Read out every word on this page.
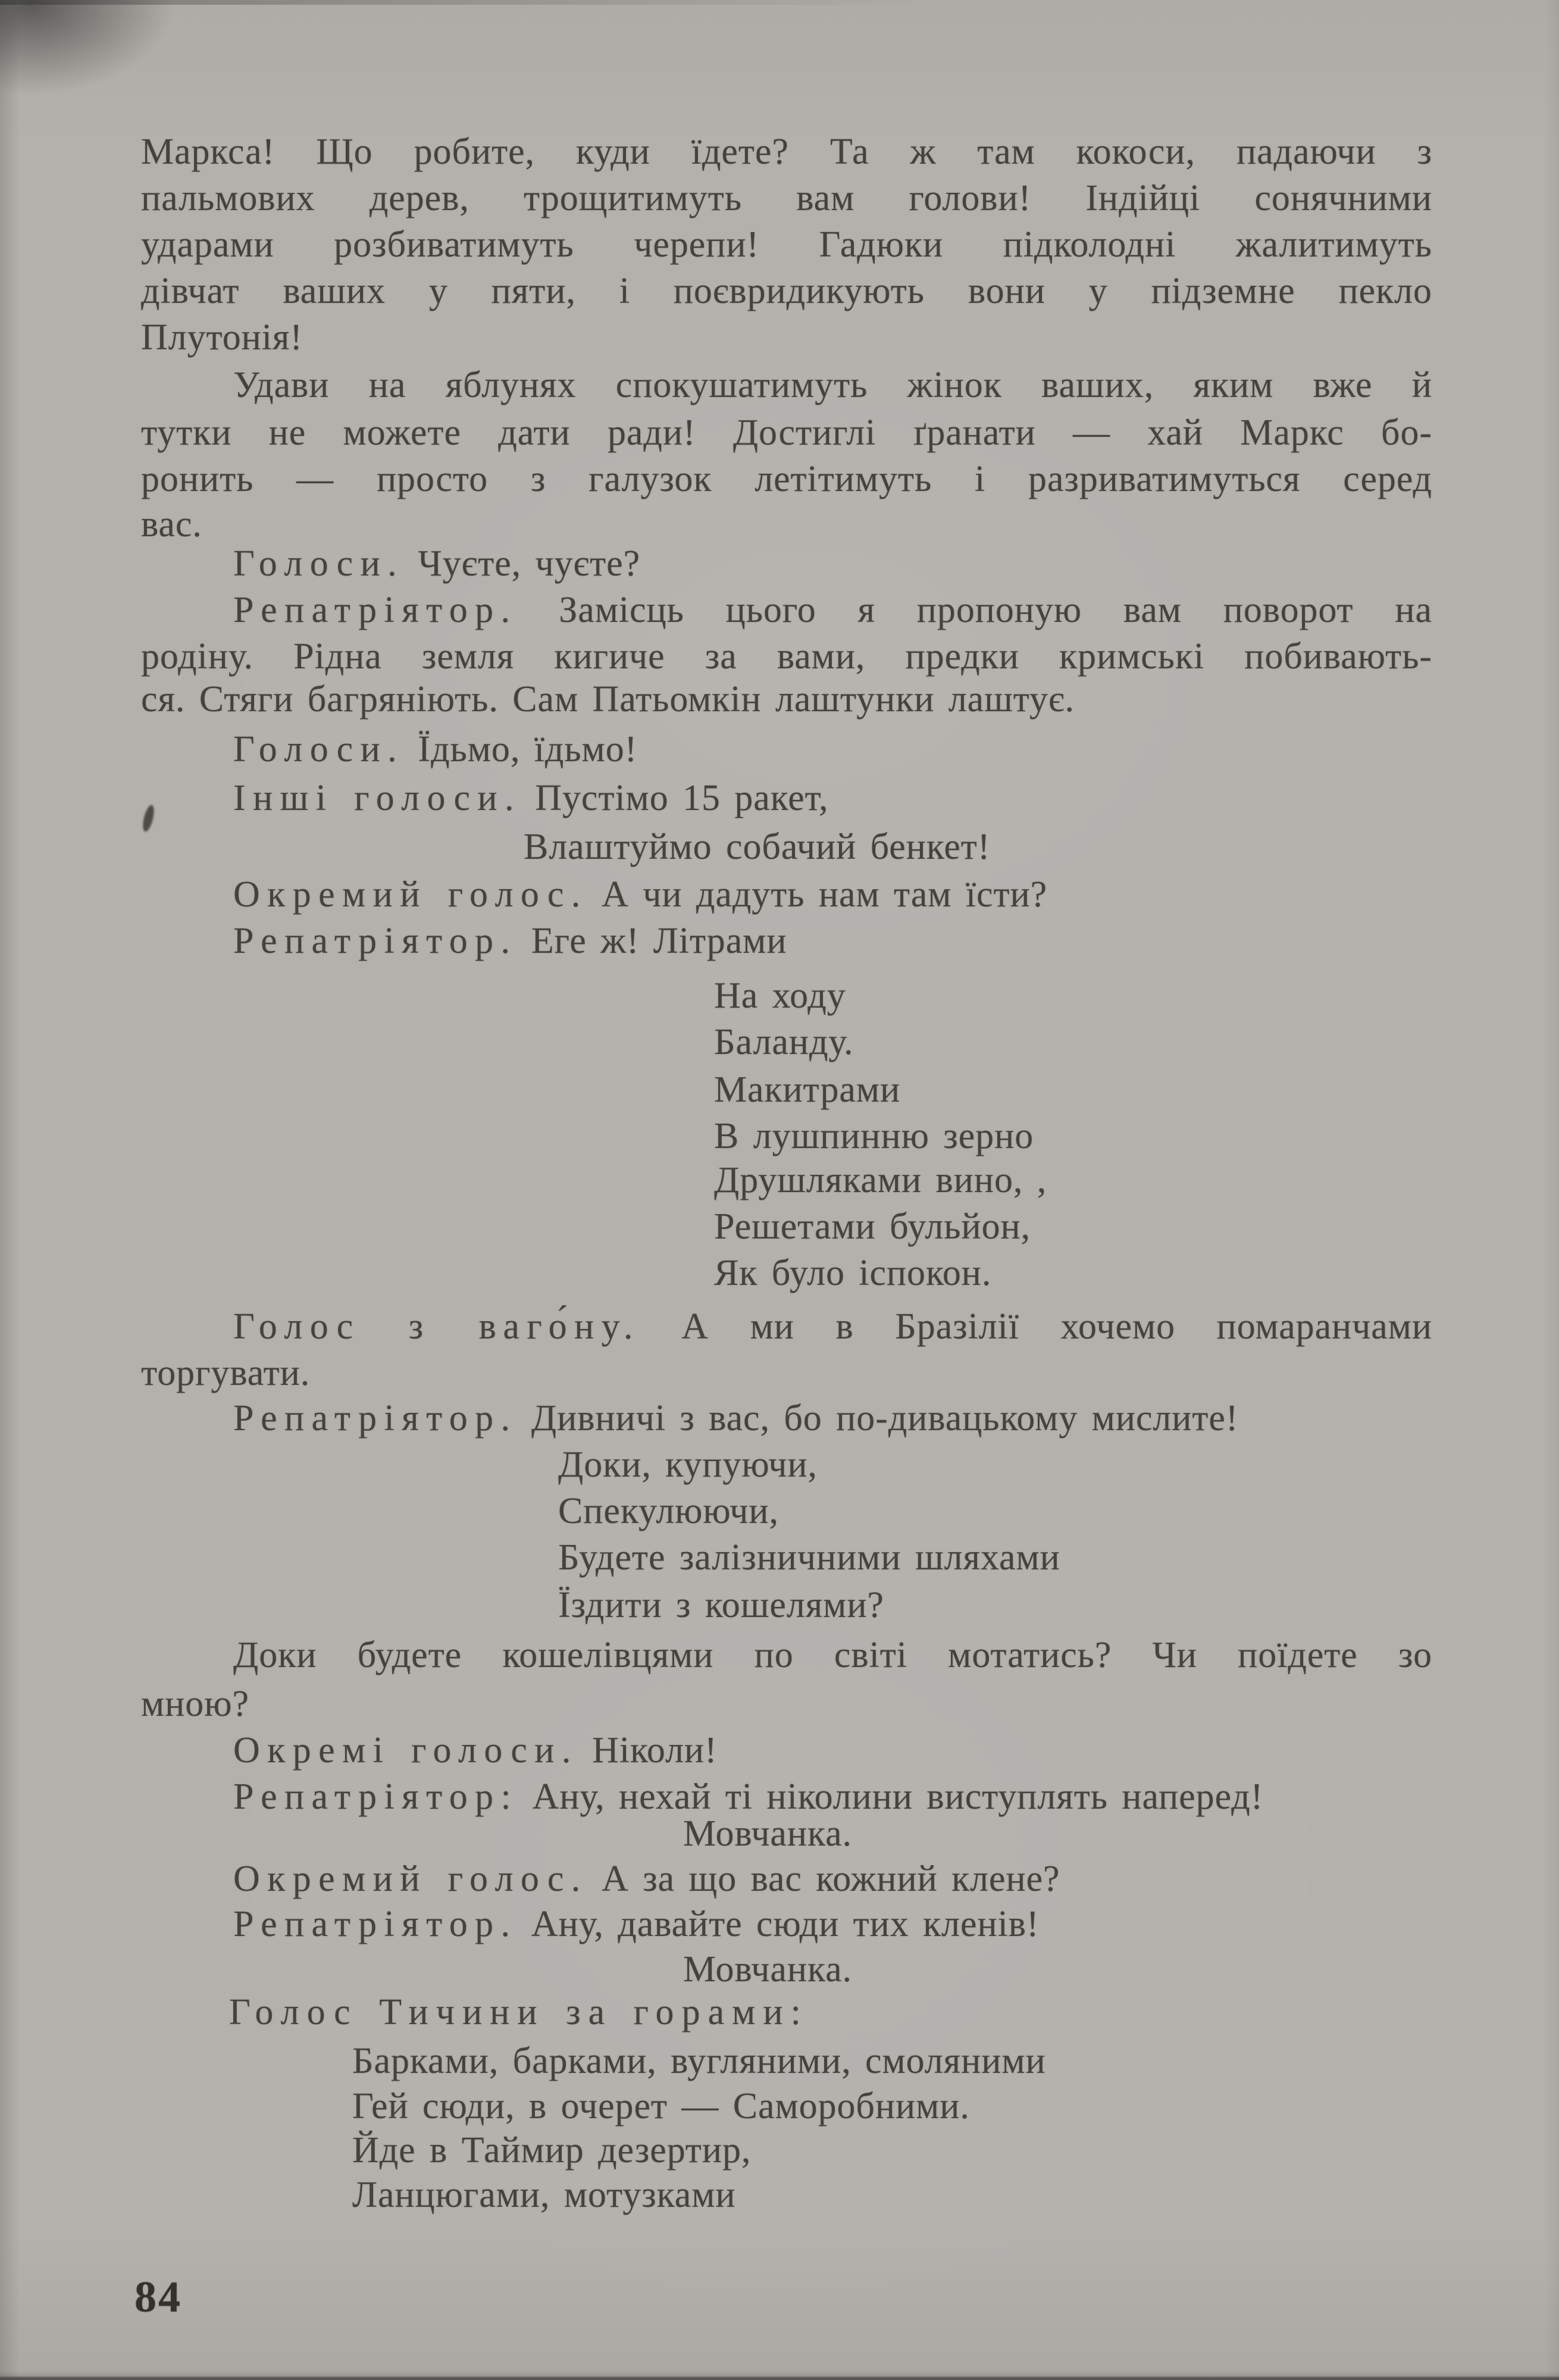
Маркса! Що робите, куди їдете? Та ж там кокоси, падаючи з
пальмових дерев, трощитимуть вам голови! Індійці сонячними
ударами розбиватимуть черепи! Гадюки підколодні жалитимуть
дівчат ваших у пяти, і поєвридикують вони у підземне пекло
Плутонія!
Удави на яблунях спокушатимуть жінок ваших, яким вже й
тутки не можете дати ради! Достиглі ґранати — хай Маркс бо-
ронить — просто з галузок летітимуть і разриватимуться серед
вас.
Голоси. Чуєте, чуєте?
Репатріятор. Замісць цього я пропоную вам поворот на
родіну. Рідна земля кигиче за вами, предки кримські побивають-
ся. Стяги багряніють. Сам Патьомкін лаштунки лаштує.
Голоси. Їдьмо, їдьмо!
Інші голоси. Пустімо 15 ракет,
Влаштуймо собачий бенкет!
Окремий голос. А чи дадуть нам там їсти?
Репатріятор. Еге ж! Літрами
На ходу
Баланду.
Макитрами
В лушпинню зерно
Друшляками вино, ,
Решетами бульйон,
Як було іспокон.
Голос з ваго́ну. А ми в Бразілії хочемо помаранчами
торгувати.
Репатріятор. Дивничі з вас, бо по-дивацькому мислите!
Доки, купуючи,
Спекулюючи,
Будете залізничними шляхами
Їздити з кошелями?
Доки будете кошелівцями по світі мотатись? Чи поїдете зо
мною?
Окремі голоси. Ніколи!
Репатріятор: Ану, нехай ті ніколини виступлять наперед!
Мовчанка.
Окремий голос. А за що вас кожний клене?
Репатріятор. Ану, давайте сюди тих кленів!
Мовчанка.
Голос Тичини за горами:
Барками, барками, вугляними, смоляними
Гей сюди, в очерет — Саморобними.
Йде в Таймир дезертир,
Ланцюгами, мотузками
84
